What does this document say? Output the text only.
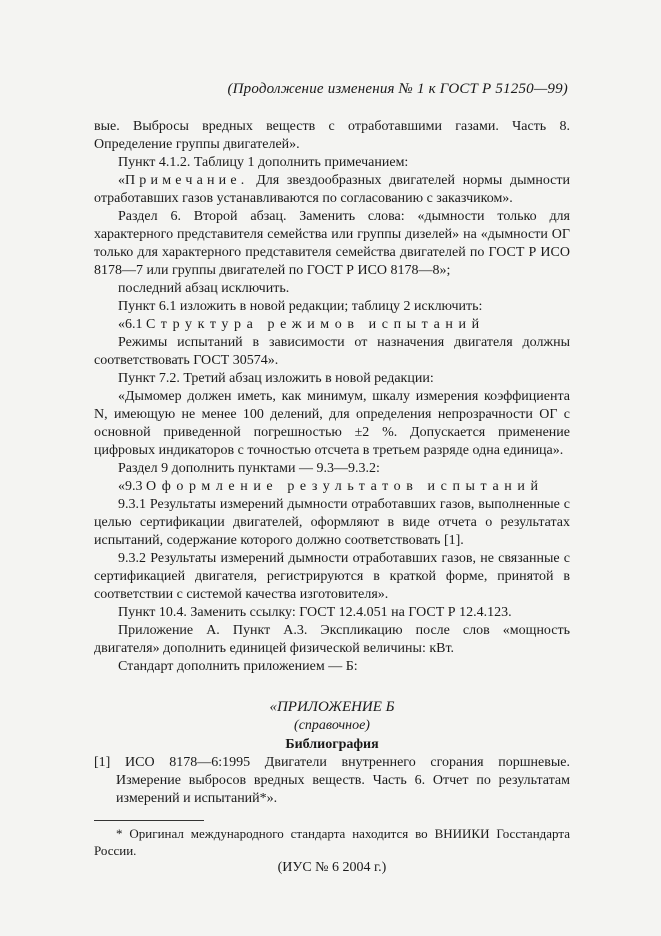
(Продолжение изменения № 1 к ГОСТ Р 51250—99)

вые. Выбросы вредных веществ с отработавшими газами. Часть 8. Определение группы двигателей».

Пункт 4.1.2. Таблицу 1 дополнить примечанием:

«Примечание. Для звездообразных двигателей нормы дымности отработавших газов устанавливаются по согласованию с заказчиком».

Раздел 6. Второй абзац. Заменить слова: «дымности только для характерного представителя семейства или группы дизелей» на «дымности ОГ только для характерного представителя семейства двигателей по ГОСТ Р ИСО 8178—7 или группы двигателей по ГОСТ Р ИСО 8178—8»;

последний абзац исключить.

Пункт 6.1 изложить в новой редакции; таблицу 2 исключить:

«6.1 Структура режимов испытаний

Режимы испытаний в зависимости от назначения двигателя должны соответствовать ГОСТ 30574».

Пункт 7.2. Третий абзац изложить в новой редакции:

«Дымомер должен иметь, как минимум, шкалу измерения коэффициента N, имеющую не менее 100 делений, для определения непрозрачности ОГ с основной приведенной погрешностью ±2 %. Допускается применение цифровых индикаторов с точностью отсчета в третьем разряде одна единица».

Раздел 9 дополнить пунктами — 9.3—9.3.2:

«9.3 Оформление результатов испытаний

9.3.1 Результаты измерений дымности отработавших газов, выполненные с целью сертификации двигателей, оформляют в виде отчета о результатах испытаний, содержание которого должно соответствовать [1].

9.3.2 Результаты измерений дымности отработавших газов, не связанные с сертификацией двигателя, регистрируются в краткой форме, принятой в соответствии с системой качества изготовителя».

Пункт 10.4. Заменить ссылку: ГОСТ 12.4.051 на ГОСТ Р 12.4.123.

Приложение А. Пункт А.3. Экспликацию после слов «мощность двигателя» дополнить единицей физической величины: кВт.

Стандарт дополнить приложением — Б:

«ПРИЛОЖЕНИЕ Б
(справочное)
Библиография

[1] ИСО 8178—6:1995 Двигатели внутреннего сгорания поршневые. Измерение выбросов вредных веществ. Часть 6. Отчет по результатам измерений и испытаний*».

* Оригинал международного стандарта находится во ВНИИКИ Госстандарта России.

(ИУС № 6 2004 г.)
